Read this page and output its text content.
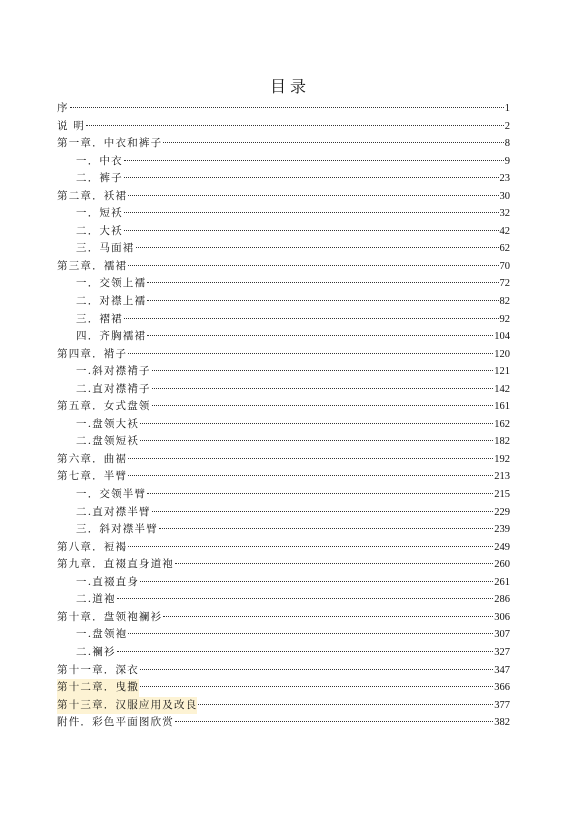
目录
序	1
说 明	2
第一章．中衣和裤子	8
一．中衣	9
二．裤子	23
第二章．袄裙	30
一．短袄	32
二．大袄	42
三．马面裙	62
第三章．襦裙	70
一．交领上襦	72
二．对襟上襦	82
三．褶裙	92
四．齐胸襦裙	104
第四章．褙子	120
一.斜对襟褙子	121
二.直对襟褙子	142
第五章．女式盘领	161
一.盘领大袄	162
二.盘领短袄	182
第六章．曲裾	192
第七章．半臂	213
一．交领半臂	215
二.直对襟半臂	229
三．斜对襟半臂	239
第八章．裋褐	249
第九章．直裰直身道袍	260
一.直裰直身	261
二.道袍	286
第十章．盘领袍襕衫	306
一.盘领袍	307
二.襕衫	327
第十一章．深衣	347
第十二章．曳撒	366
第十三章．汉服应用及改良	377
附件．彩色平面图欣赏	382
